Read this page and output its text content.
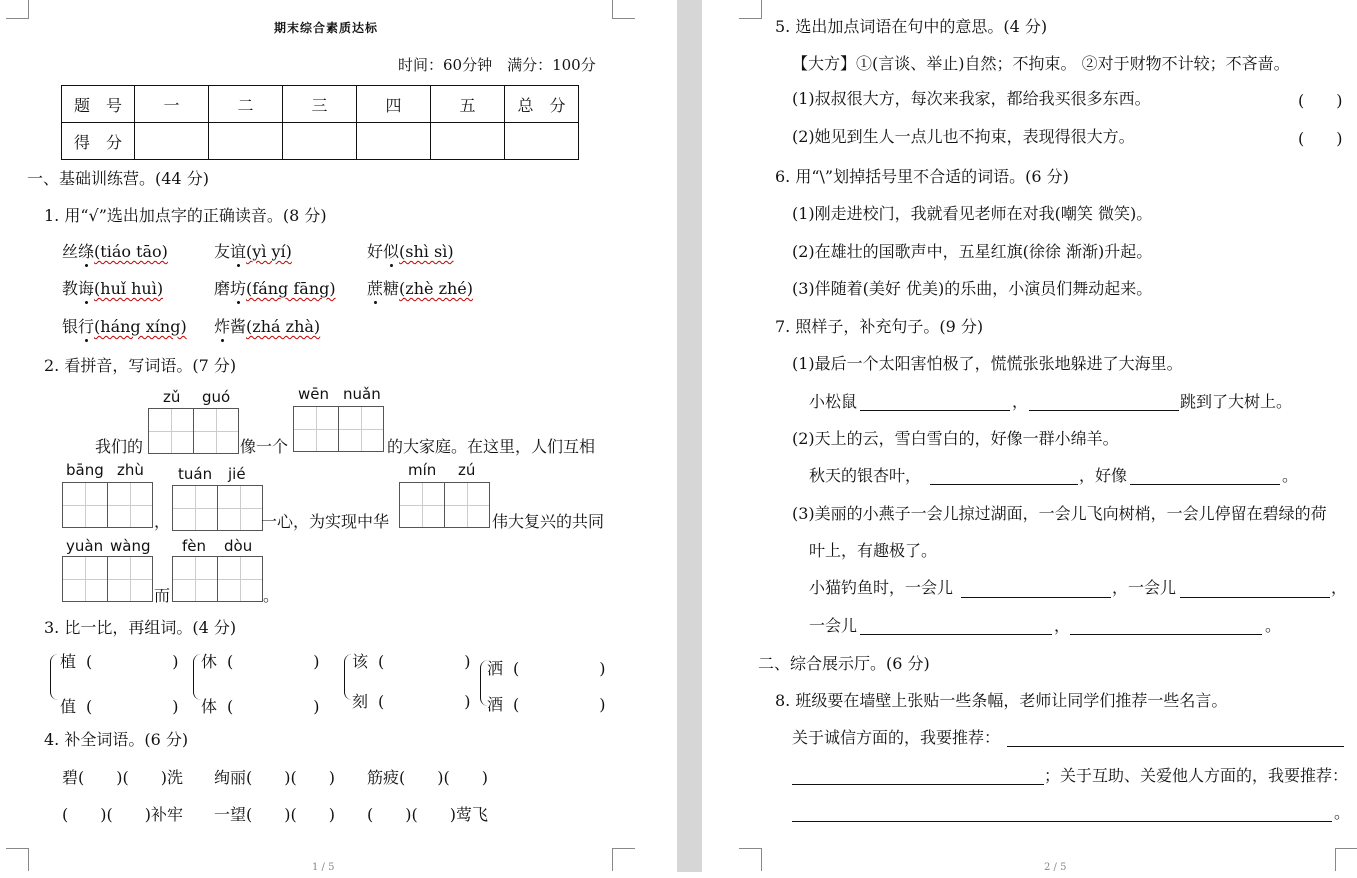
期末综合素质达标
时间：60分钟　满分：100分
题　号	一	二	三	四	五	总　分
得　分						
一、基础训练营。(44 分)
1. 用“√”选出加点字的正确读音。(8 分)
丝绦(tiáo tāo)	友谊(yì yí)	好似(shì sì)
教诲(huǐ huì)	磨坊(fáng fāng) 蔗糖(zhè zhé)
银行(háng xíng) 炸酱(zhá zhà)
2. 看拼音，写词语。(7 分)
zǔ guó	wēn nuǎn
我们的	像一个	的大家庭。在这里，人们互相
bāng zhù tuán jié	mín zú
，	一心，为实现中华	伟大复兴的共同
yuàn wàng fèn dòu
而	。
3. 比一比，再组词。(4 分)
植 (　　　　　)
值 (　　　　　)
休 (　　　　　)
体 (　　　　　)
该 (　　　　　)
刻 (　　　　　)
洒 (　　　　　)
酒 (　　　　　)
4. 补全词语。(6 分)
碧(　　)(　　)洗 绚丽(　　)(　　) 筋疲(　　)(　　)
(　　)(　　)补牢 一望(　　)(　　) (　　)(　　)莺飞
1 / 5
5. 选出加点词语在句中的意思。(4 分)
【大方】①(言谈、举止)自然；不拘束。 ②对于财物不计较；不吝啬。
(1)叔叔很大方，每次来我家，都给我买很多东西。	(　　)
(2)她见到生人一点儿也不拘束，表现得很大方。	(　　)
6. 用“\”划掉括号里不合适的词语。(6 分)
(1)刚走进校门，我就看见老师在对我(嘲笑 微笑)。
(2)在雄壮的国歌声中，五星红旗(徐徐 渐渐)升起。
(3)伴随着(美好 优美)的乐曲，小演员们舞动起来。
7. 照样子，补充句子。(9 分)
(1)最后一个太阳害怕极了，慌慌张张地躲进了大海里。
小松鼠	，	跳到了大树上。
(2)天上的云，雪白雪白的，好像一群小绵羊。
秋天的银杏叶，	，好像	。
(3)美丽的小燕子一会儿掠过湖面，一会儿飞向树梢，一会儿停留在碧绿的荷
叶上，有趣极了。
小猫钓鱼时，一会儿	，一会儿	，
一会儿	，	。
二、综合展示厅。(6 分)
8. 班级要在墙壁上张贴一些条幅，老师让同学们推荐一些名言。
关于诚信方面的，我要推荐：
；关于互助、关爱他人方面的，我要推荐：
。
2 / 5
